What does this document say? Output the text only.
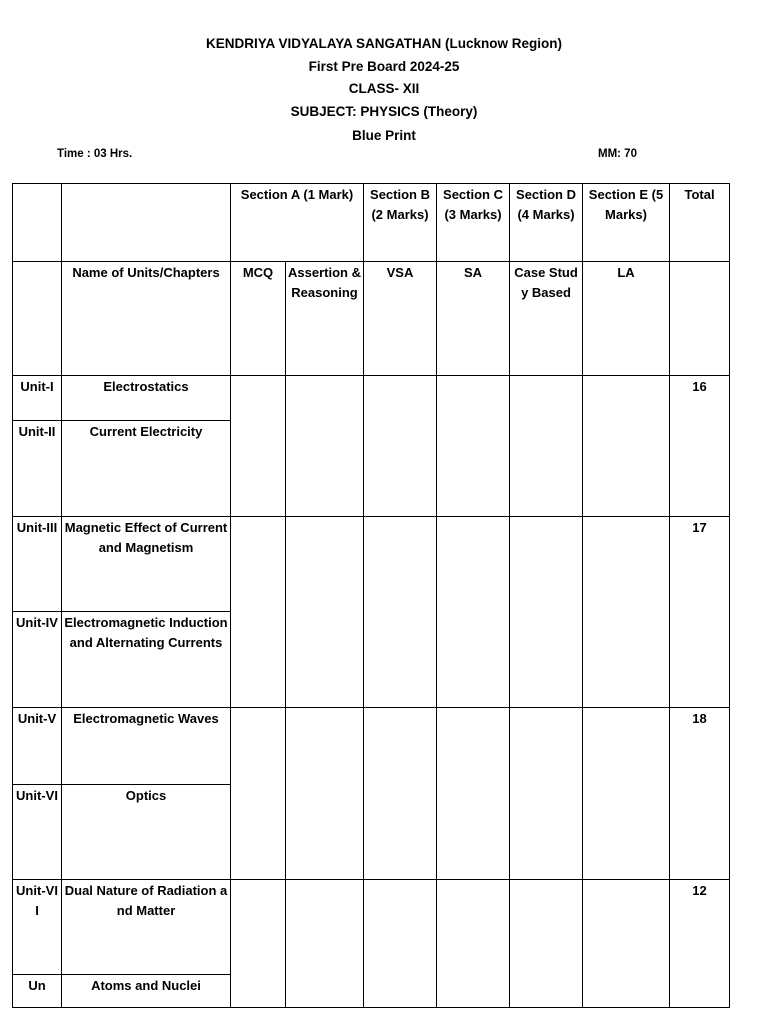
KENDRIYA VIDYALAYA SANGATHAN (Lucknow Region)
First Pre Board 2024-25
CLASS- XII
SUBJECT: PHYSICS (Theory)
Blue Print
Time : 03 Hrs.	MM: 70
		Section A (1 Mark)		Section B (2 Marks)	Section C (3 Marks)	Section D (4 Marks)	Section E (5 Marks)	Total
	Name of Units/Chapters	MCQ	Assertion & Reasoning	VSA	SA	Case Study Based	LA	
Unit-I	Electrostatics							16
Unit-II	Current Electricity							
Unit-III	Magnetic Effect of Current and Magnetism							17
Unit-IV	Electromagnetic Induction and Alternating Currents							
Unit-V	Electromagnetic Waves							18
Unit-VI	Optics							
Unit-VII	Dual Nature of Radiation and Matter							12
Un	Atoms and Nuclei							
